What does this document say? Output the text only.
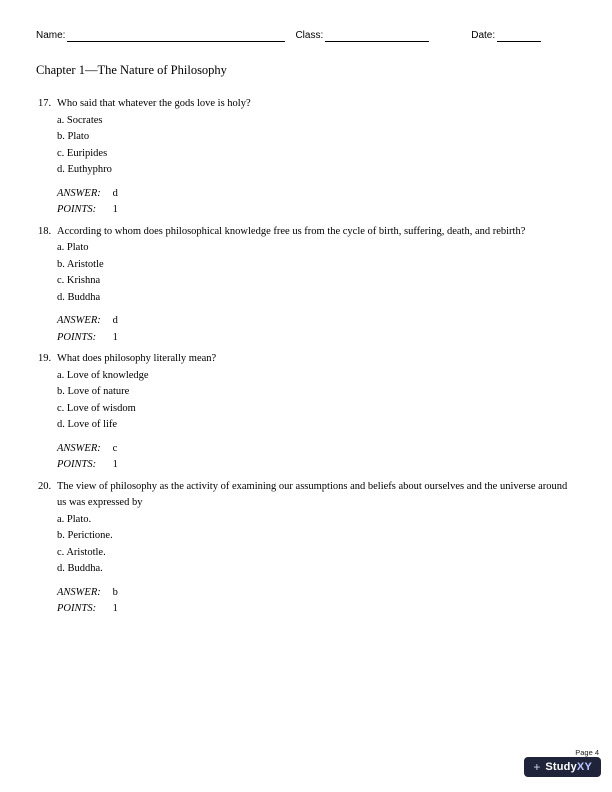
Name:	Class:	Date:
Chapter 1—The Nature of Philosophy
17. Who said that whatever the gods love is holy?
a. Socrates
b. Plato
c. Euripides
d. Euthyphro
ANSWER: d
POINTS: 1
18. According to whom does philosophical knowledge free us from the cycle of birth, suffering, death, and rebirth?
a. Plato
b. Aristotle
c. Krishna
d. Buddha
ANSWER: d
POINTS: 1
19. What does philosophy literally mean?
a. Love of knowledge
b. Love of nature
c. Love of wisdom
d. Love of life
ANSWER: c
POINTS: 1
20. The view of philosophy as the activity of examining our assumptions and beliefs about ourselves and the universe around us was expressed by
a. Plato.
b. Perictione.
c. Aristotle.
d. Buddha.
ANSWER: b
POINTS: 1
Page 4
+ StudyXY
